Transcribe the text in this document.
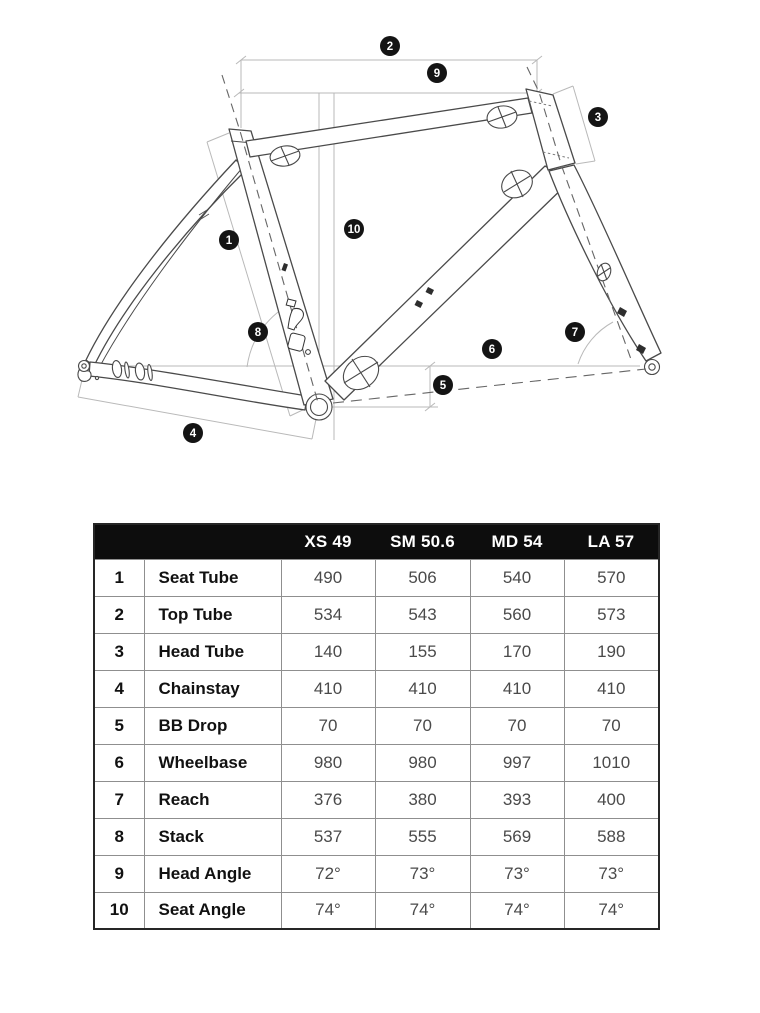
1
2
3
4
5
6
7
8
9
10
		XS 49	SM 50.6	MD 54	LA 57
1	Seat Tube	490	506	540	570
2	Top Tube	534	543	560	573
3	Head Tube	140	155	170	190
4	Chainstay	410	410	410	410
5	BB Drop	70	70	70	70
6	Wheelbase	980	980	997	1010
7	Reach	376	380	393	400
8	Stack	537	555	569	588
9	Head Angle	72°	73°	73°	73°
10	Seat Angle	74°	74°	74°	74°
